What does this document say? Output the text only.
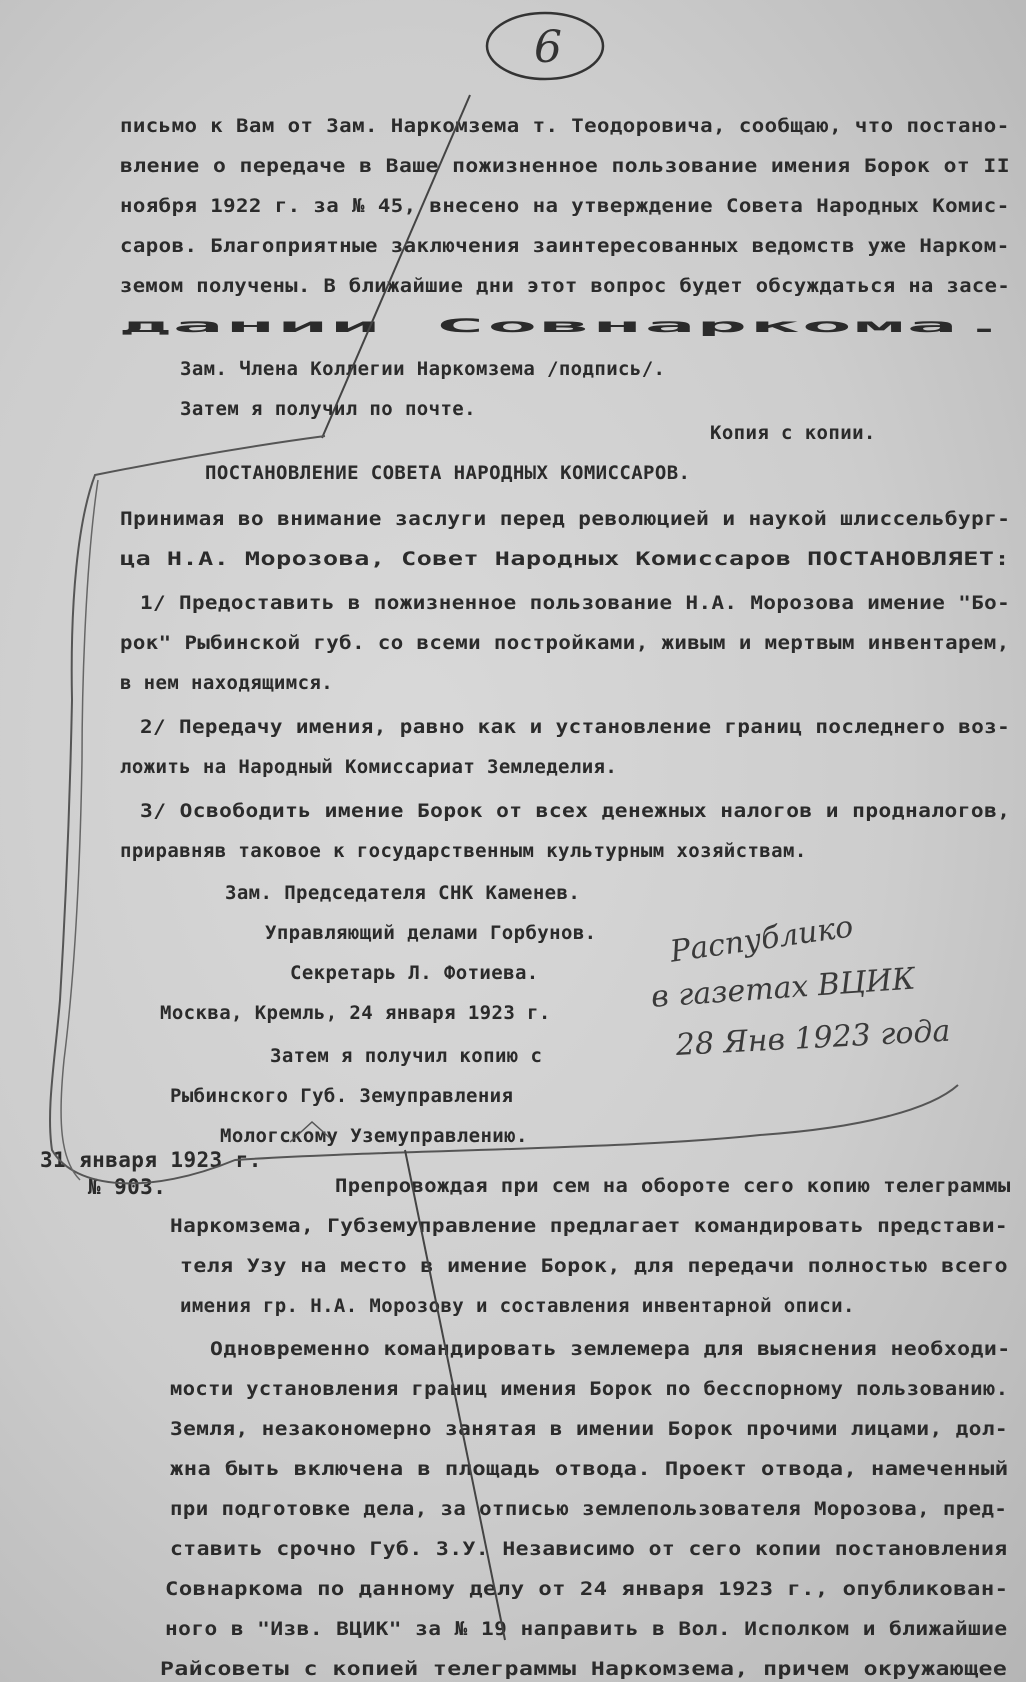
письмо к Вам от Зам. Наркомзема т. Теодоровича, сообщаю, что постано-
вление о передаче в Ваше пожизненное пользование имения Борок от II
ноября 1922 г. за № 45, внесено на утверждение Совета Народных Комис-
саров. Благоприятные заключения заинтересованных ведомств уже Нарком-
земом получены. В ближайшие дни этот вопрос будет обсуждаться на засе-
дании Совнаркома.
Зам. Члена Коллегии Наркомзема /подпись/.
Затем я получил по почте.
Копия с копии.
ПОСТАНОВЛЕНИЕ СОВЕТА НАРОДНЫХ КОМИССАРОВ.
Принимая во внимание заслуги перед революцией и наукой шлиссельбург-
ца Н.А. Морозова, Совет Народных Комиссаров ПОСТАНОВЛЯЕТ:
1/ Предоставить в пожизненное пользование Н.А. Морозова имение "Бо-
рок" Рыбинской губ. со всеми постройками, живым и мертвым инвентарем,
в нем находящимся.
2/ Передачу имения, равно как и установление границ последнего воз-
ложить на Народный Комиссариат Земледелия.
3/ Освободить имение Борок от всех денежных налогов и продналогов,
приравняв таковое к государственным культурным хозяйствам.
Зам. Председателя СНК Каменев.
Управляющий делами Горбунов.
Секретарь Л. Фотиева.
Москва, Кремль, 24 января 1923 г.
Затем я получил копию с
Рыбинского Губ. Земуправления
Мологскому Уземуправлению.
31 января 1923 г.
№ 903.	Препровождая при сем на обороте сего копию телеграммы
Наркомзема, Губземуправление предлагает командировать представи-
теля Узу на место в имение Борок, для передачи полностью всего
имения гр. Н.А. Морозову и составления инвентарной описи.
Одновременно командировать землемера для выяснения необходи-
мости установления границ имения Борок по бесспорному пользованию.
Земля, незакономерно занятая в имении Борок прочими лицами, дол-
жна быть включена в площадь отвода. Проект отвода, намеченный
при подготовке дела, за отписью землепользователя Морозова, пред-
ставить срочно Губ. З.У. Независимо от сего копии постановления
Совнаркома по данному делу от 24 января 1923 г., опубликован-
ного в "Изв. ВЦИК" за № 19 направить в Вол. Исполком и ближайшие
Райсоветы с копией телеграммы Наркомзема, причем окружающее
6
Распублико
в газетах ВЦИК
28 Янв 1923 года
